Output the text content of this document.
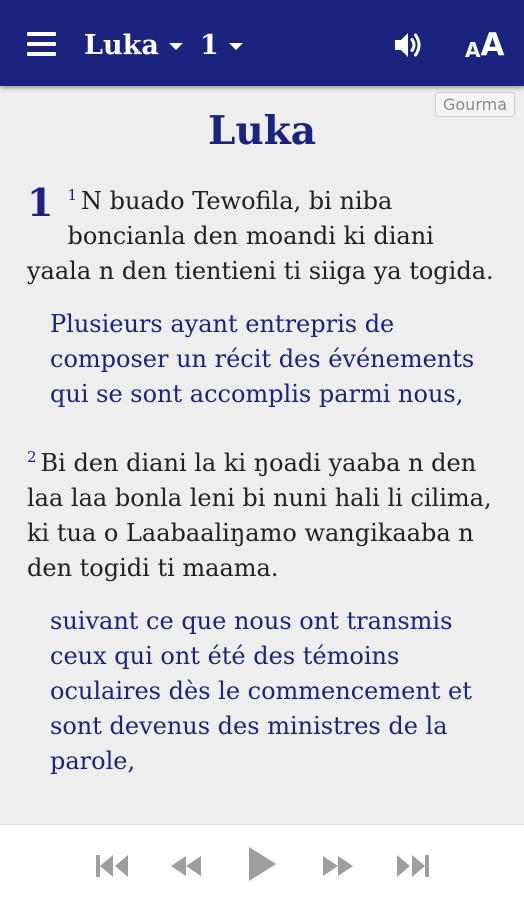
Luka 1	A A
Gourma
Luka

1 $^1$ N buado Tewofila, bi niba boncianla den moandi ki diani yaala n den tientieni ti siiga ya togida.

Plusieurs ayant entrepris de composer un récit des événements qui se sont accomplis parmi nous,

$^2$ Bi den diani la ki ŋoadi yaaba n den laa laa bonla leni bi nuni hali li cilima, ki tua o Laabaaliŋamo wangikaaba n den togidi ti maama.

suivant ce que nous ont transmis ceux qui ont été des témoins oculaires dès le commencement et sont devenus des ministres de la parole,
